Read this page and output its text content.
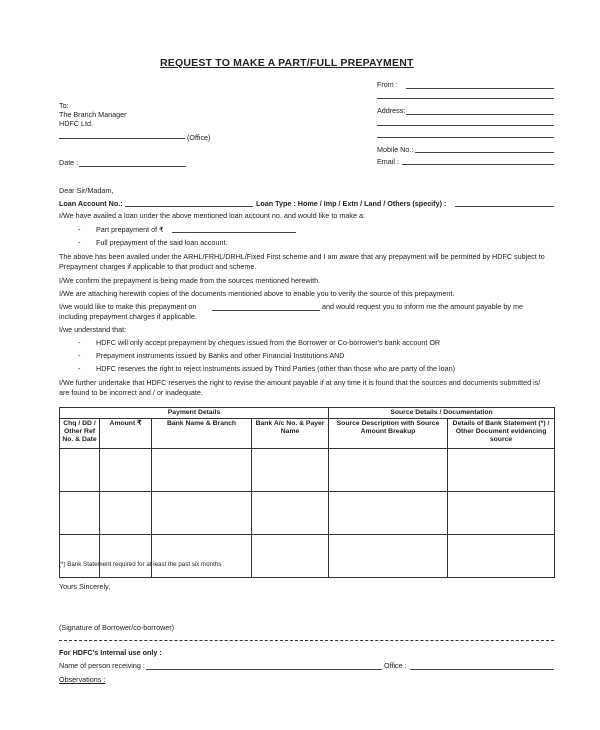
REQUEST TO MAKE A PART/FULL PREPAYMENT
From :
Address:
Mobile No.:
Email :
To:
The Branch Manager
HDFC Ltd.
(Office)
Date :
Dear Sir/Madam,
Loan Account No.:	Loan Type : Home / Imp / Extn / Land / Others (specify) :
I/We have availed a loan under the above mentioned loan account no. and would like to make a:
- Part prepayment of ₹
- Full prepayment of the said loan account.
The above has been availed under the ARHL/FRHL/DRHL/Fixed First scheme and I am aware that any prepayment will be permitted by HDFC subject to
Prepayment charges if applicable to that product and scheme.
I/We confirm the prepayment is being made from the sources mentioned herewith.
I/We are attaching herewith copies of the documents mentioned above to enable you to verify the source of this prepayment.
I/we would like to make this prepayment on	and would request you to inform me the amount payable by me
including prepayment charges if applicable.
I/we understand that:
- HDFC will only accept prepayment by cheques issued from the Borrower or Co-borrower's bank account OR
- Prepayment instruments issued by Banks and other Financial Institutions AND
- HDFC reserves the right to reject instruments issued by Third Parties (other than those who are party of the loan)
I/We further undertake that HDFC reserves the right to revise the amount payable if at any time it is found that the sources and documents submitted is/
are found to be incorrect and / or inadequate.
Payment Details				Source Details / Documentation	
Chq / DD / Other Ref No. & Date	Amount ₹	Bank Name & Branch	Bank A/c No. & Payer Name	Source Description with Source Amount Breakup	Details of Bank Statement (*) / Other Document evidencing source

(*) Bank Statement required for at least the past six months
Yours Sincerely,
(Signature of Borrower/co-borrower)
For HDFC's Internal use only :
Name of person receiving :	Office :
Observations :
